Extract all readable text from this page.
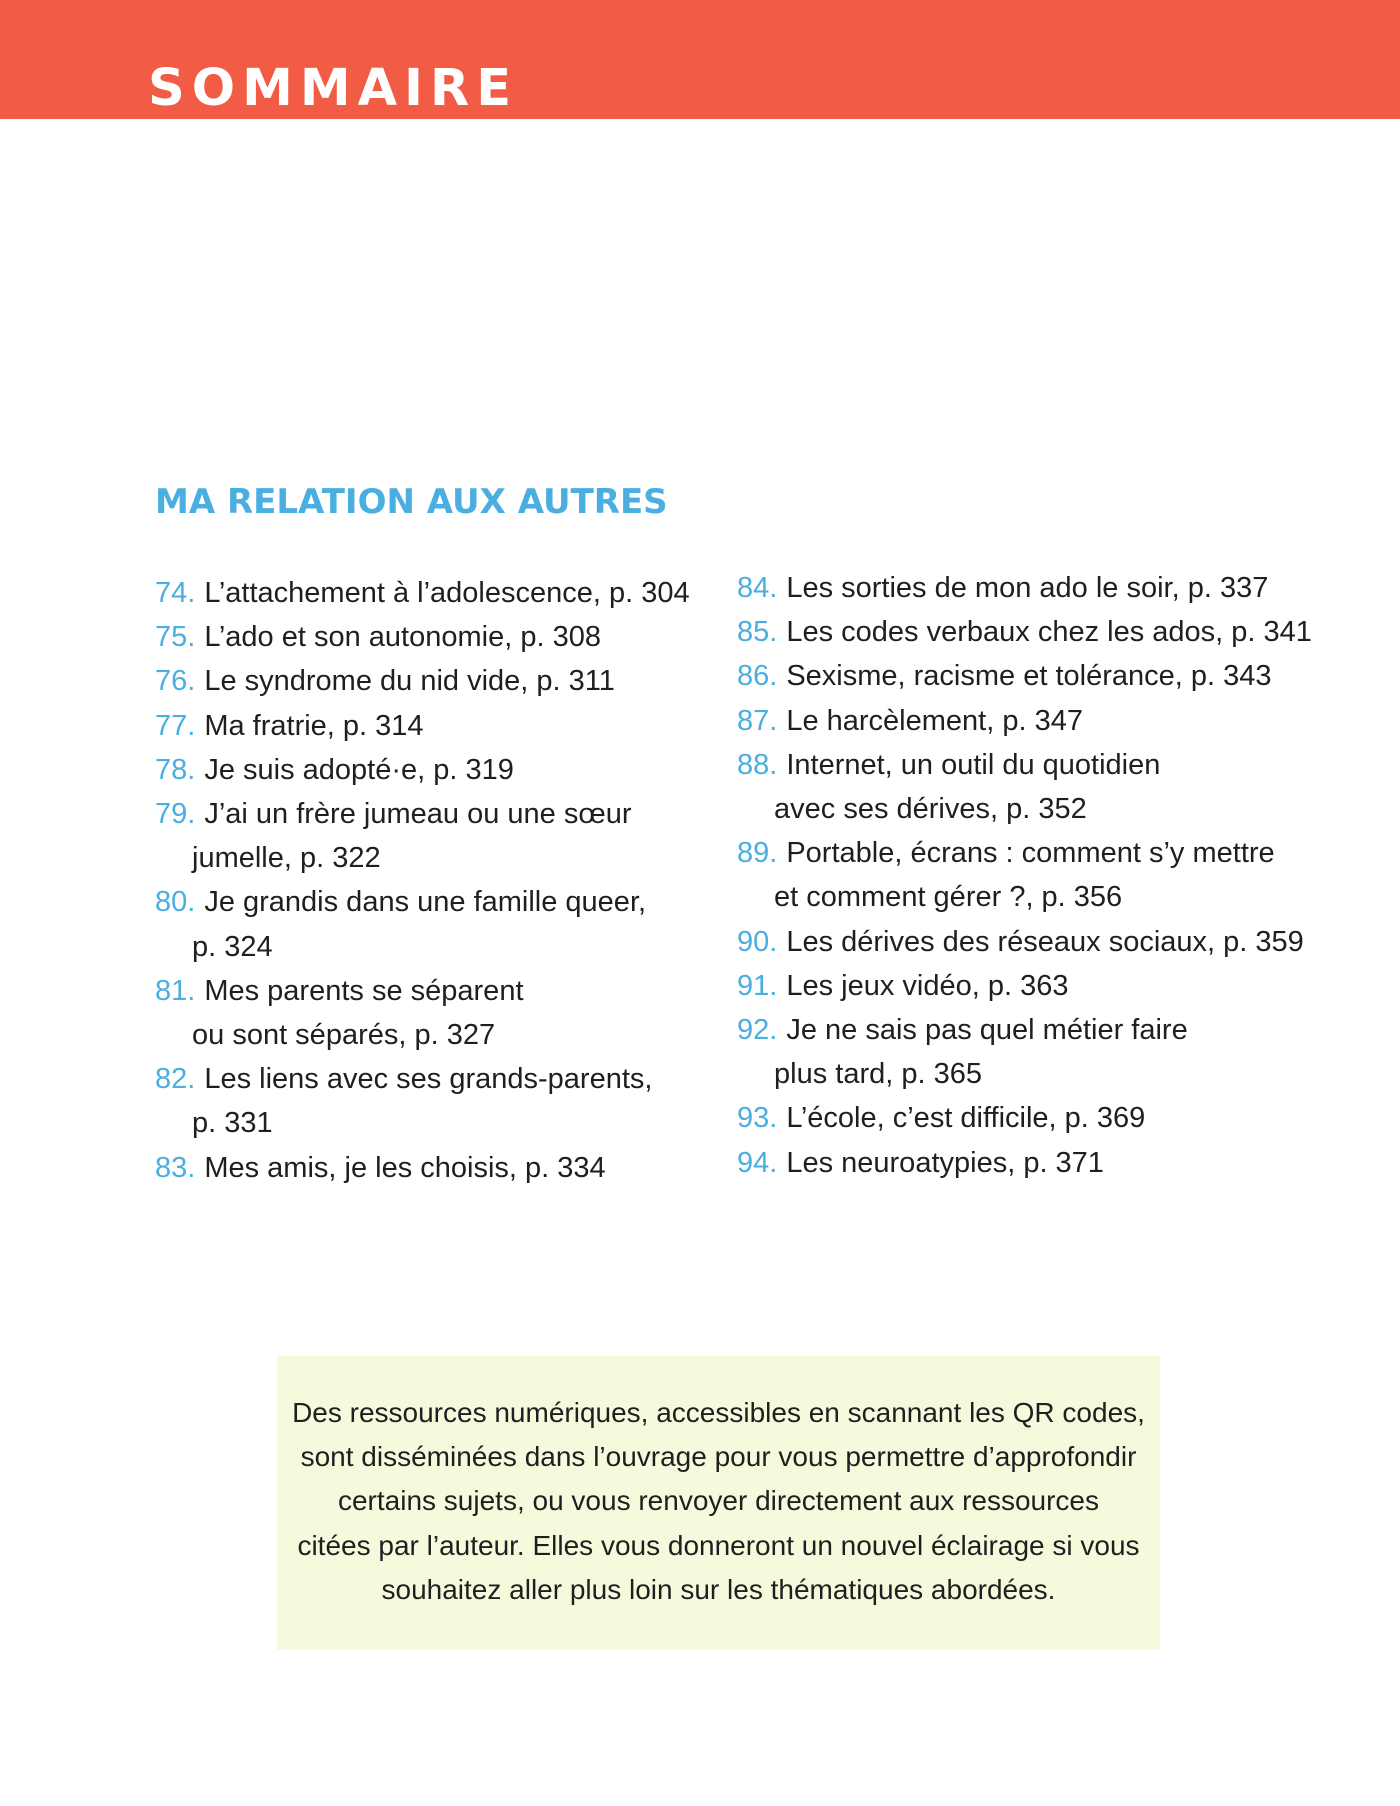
SOMMAIRE
MA RELATION AUX AUTRES
74. L’attachement à l’adolescence, p. 304
75. L’ado et son autonomie, p. 308
76. Le syndrome du nid vide, p. 311
77. Ma fratrie, p. 314
78. Je suis adopté·e, p. 319
79. J’ai un frère jumeau ou une sœur
jumelle, p. 322
80. Je grandis dans une famille queer,
p. 324
81. Mes parents se séparent
ou sont séparés, p. 327
82. Les liens avec ses grands-parents,
p. 331
83. Mes amis, je les choisis, p. 334
84. Les sorties de mon ado le soir, p. 337
85. Les codes verbaux chez les ados, p. 341
86. Sexisme, racisme et tolérance, p. 343
87. Le harcèlement, p. 347
88. Internet, un outil du quotidien
avec ses dérives, p. 352
89. Portable, écrans : comment s’y mettre
et comment gérer ?, p. 356
90. Les dérives des réseaux sociaux, p. 359
91. Les jeux vidéo, p. 363
92. Je ne sais pas quel métier faire
plus tard, p. 365
93. L’école, c’est difficile, p. 369
94. Les neuroatypies, p. 371

Des ressources numériques, accessibles en scannant les QR codes,
sont disséminées dans l’ouvrage pour vous permettre d’approfondir
certains sujets, ou vous renvoyer directement aux ressources
citées par l’auteur. Elles vous donneront un nouvel éclairage si vous
souhaitez aller plus loin sur les thématiques abordées.
